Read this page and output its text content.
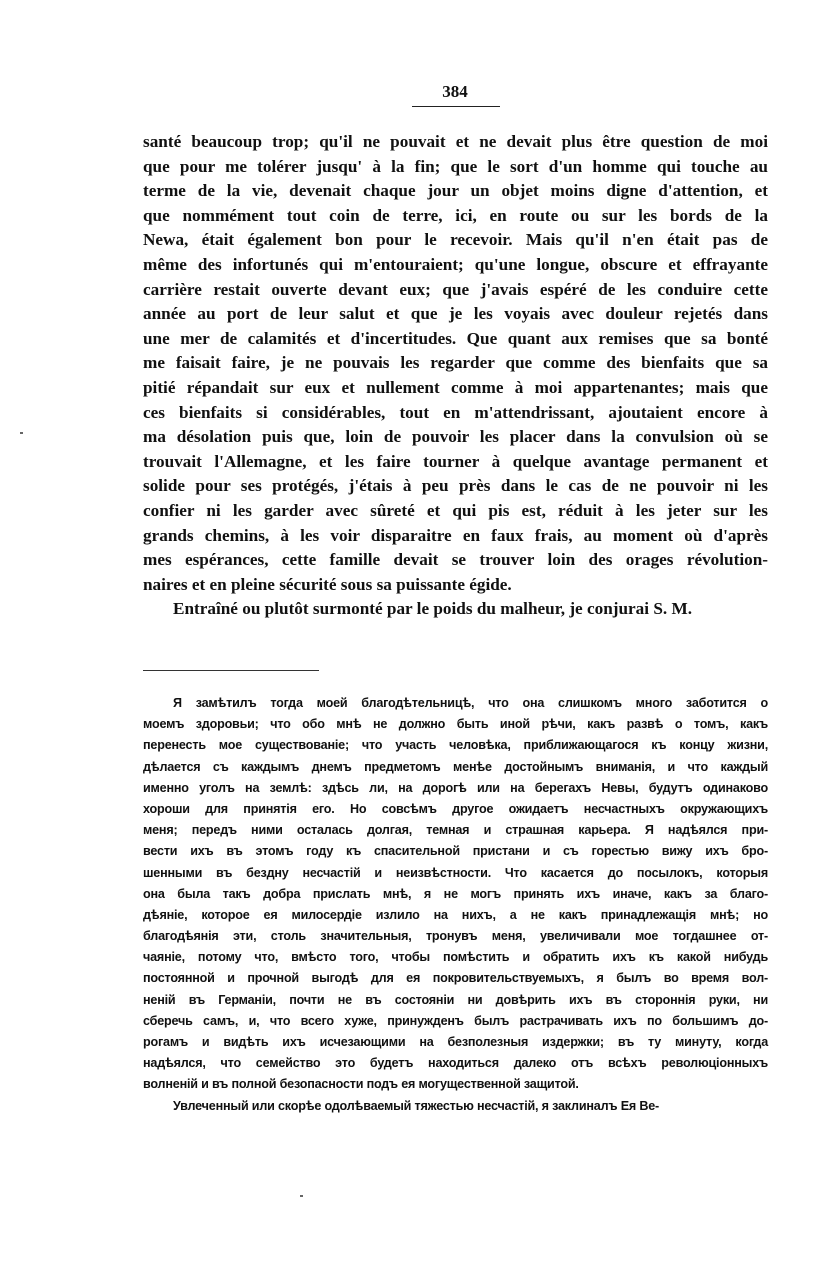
384
santé beaucoup trop; qu'il ne pouvait et ne devait plus être question de moi
que pour me tolérer jusqu' à la fin; que le sort d'un homme qui touche au
terme de la vie, devenait chaque jour un objet moins digne d'attention, et
que nommément tout coin de terre, ici, en route ou sur les bords de la
Newa, était également bon pour le recevoir. Mais qu'il n'en était pas de
même des infortunés qui m'entouraient; qu'une longue, obscure et effrayante
carrière restait ouverte devant eux; que j'avais espéré de les conduire cette
année au port de leur salut et que je les voyais avec douleur rejetés dans
une mer de calamités et d'incertitudes. Que quant aux remises que sa bonté
me faisait faire, je ne pouvais les regarder que comme des bienfaits que sa
pitié répandait sur eux et nullement comme à moi appartenantes; mais que
ces bienfaits si considérables, tout en m'attendrissant, ajoutaient encore à
ma désolation puis que, loin de pouvoir les placer dans la convulsion où se
trouvait l'Allemagne, et les faire tourner à quelque avantage permanent et
solide pour ses protégés, j'étais à peu près dans le cas de ne pouvoir ni les
confier ni les garder avec sûreté et qui pis est, réduit à les jeter sur les
grands chemins, à les voir disparaitre en faux frais, au moment où d'après
mes espérances, cette famille devait se trouver loin des orages révolution-
naires et en pleine sécurité sous sa puissante égide.
Entraîné ou plutôt surmonté par le poids du malheur, je conjurai S. M.
Я замѣтилъ тогда моей благодѣтельницѣ, что она слишкомъ много заботится о
моемъ здоровьи; что обо мнѣ не должно быть иной рѣчи, какъ развѣ о томъ, какъ
перенесть мое существованіе; что участь человѣка, приближающагося къ концу жизни,
дѣлается съ каждымъ днемъ предметомъ менѣе достойнымъ вниманія, и что каждый
именно уголъ на землѣ: здѣсь ли, на дорогѣ или на берегахъ Невы, будутъ одинаково
хороши для принятія его. Но совсѣмъ другое ожидаетъ несчастныхъ окружающихъ
меня; передъ ними осталась долгая, темная и страшная карьера. Я надѣялся при-
вести ихъ въ этомъ году къ спасительной пристани и съ горестью вижу ихъ бро-
шенными въ бездну несчастій и неизвѣстности. Что касается до посылокъ, которыя
она была такъ добра прислать мнѣ, я не могъ принять ихъ иначе, какъ за благо-
дѣяніе, которое ея милосердіе излило на нихъ, а не какъ принадлежащія мнѣ; но
благодѣянія эти, столь значительныя, тронувъ меня, увеличивали мое тогдашнее от-
чаяніе, потому что, вмѣсто того, чтобы помѣстить и обратить ихъ къ какой нибудь
постоянной и прочной выгодѣ для ея покровительствуемыхъ, я былъ во время вол-
неній въ Германіи, почти не въ состояніи ни довѣрить ихъ въ стороннія руки, ни
сберечь самъ, и, что всего хуже, принужденъ былъ растрачивать ихъ по большимъ до-
рогамъ и видѣть ихъ исчезающими на безполезныя издержки; въ ту минуту, когда
надѣялся, что семейство это будетъ находиться далеко отъ всѣхъ революціонныхъ
волненій и въ полной безопасности подъ ея могущественной защитой.
Увлеченный или скорѣе одолѣваемый тяжестью несчастій, я заклиналъ Ея Ве-
